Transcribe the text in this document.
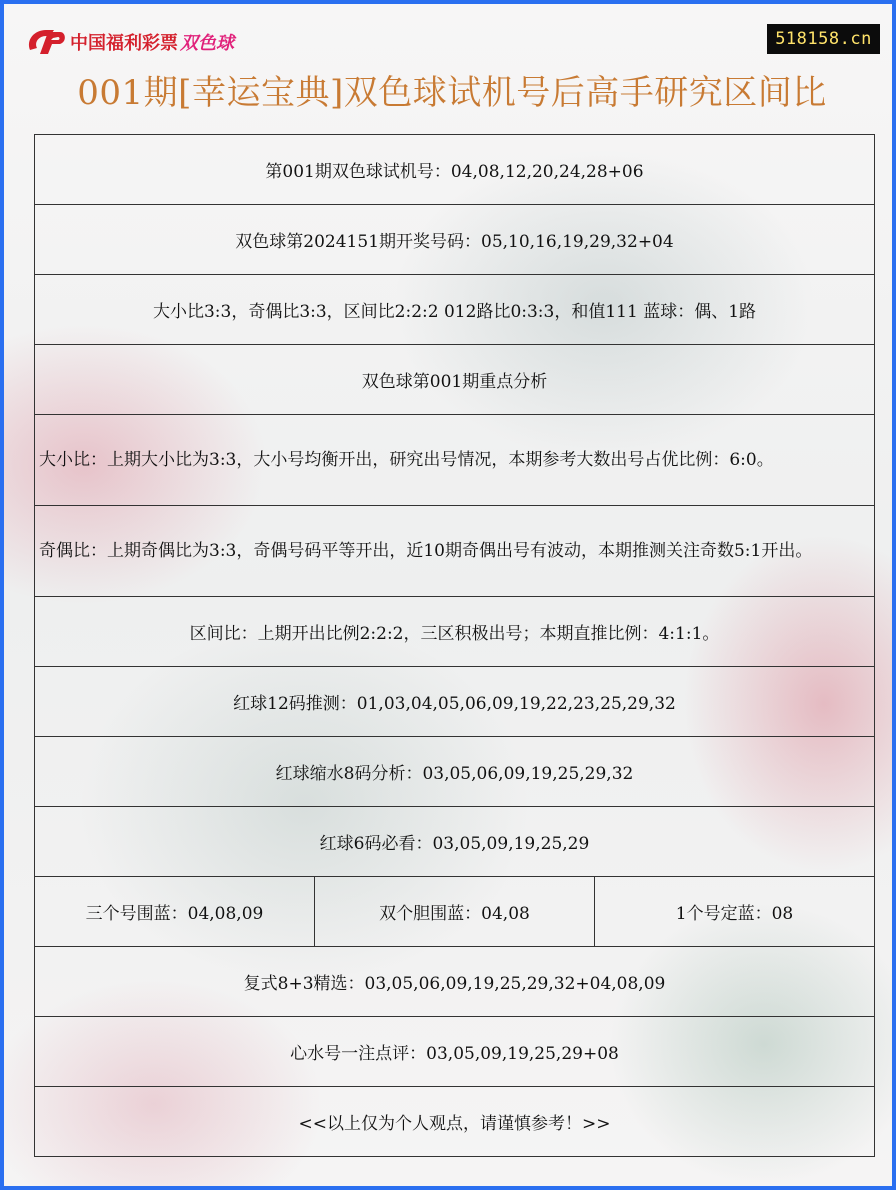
中国福利彩票 双色球	518158.cn
001期[幸运宝典]双色球试机号后高手研究区间比
第001期双色球试机号：04,08,12,20,24,28+06
双色球第2024151期开奖号码：05,10,16,19,29,32+04
大小比3:3，奇偶比3:3，区间比2:2:2 012路比0:3:3，和值111 蓝球：偶、1路
双色球第001期重点分析
大小比：上期大小比为3:3，大小号均衡开出，研究出号情况，本期参考大数出号占优比例：6:0。
奇偶比：上期奇偶比为3:3，奇偶号码平等开出，近10期奇偶出号有波动，本期推测关注奇数5:1开出。
区间比：上期开出比例2:2:2，三区积极出号；本期直推比例：4:1:1。
红球12码推测：01,03,04,05,06,09,19,22,23,25,29,32
红球缩水8码分析：03,05,06,09,19,25,29,32
红球6码必看：03,05,09,19,25,29
三个号围蓝：04,08,09	双个胆围蓝：04,08	1个号定蓝：08
复式8+3精选：03,05,06,09,19,25,29,32+04,08,09
心水号一注点评：03,05,09,19,25,29+08
<<以上仅为个人观点，请谨慎参考！>>
